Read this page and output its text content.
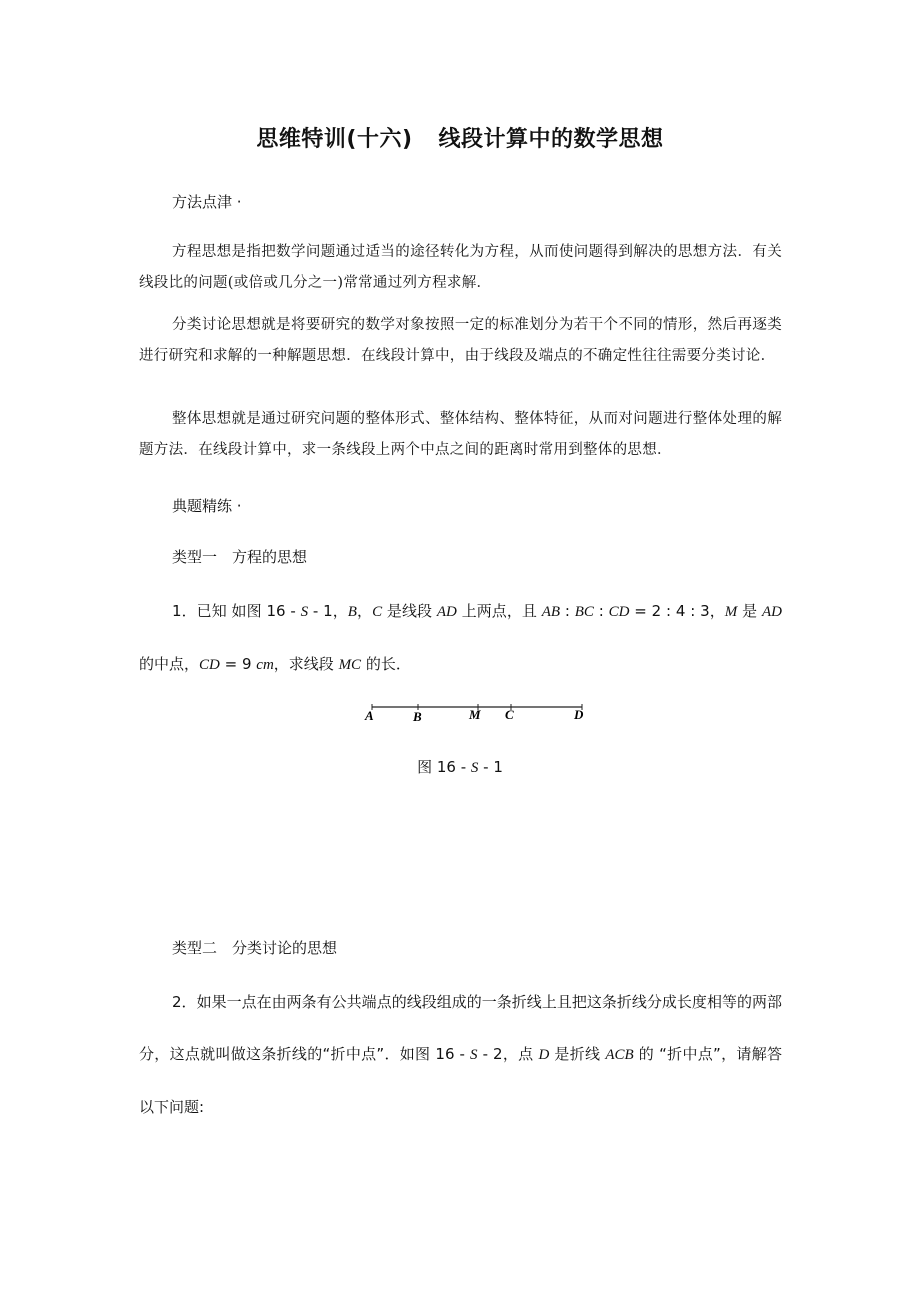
思维特训(十六) 线段计算中的数学思想
方法点津 ·
方程思想是指把数学问题通过适当的途径转化为方程，从而使问题得到解决的思想方法．有关线段比的问题(或倍或几分之一)常常通过列方程求解．
分类讨论思想就是将要研究的数学对象按照一定的标准划分为若干个不同的情形，然后再逐类进行研究和求解的一种解题思想．在线段计算中，由于线段及端点的不确定性往往需要分类讨论．
整体思想就是通过研究问题的整体形式、整体结构、整体特征，从而对问题进行整体处理的解题方法．在线段计算中，求一条线段上两个中点之间的距离时常用到整体的思想．
典题精练 ·
类型一　方程的思想
1．已知 如图 16 - S - 1，B，C 是线段 AD 上两点，且 AB : BC : CD = 2 : 4 : 3，M 是 AD 的中点，CD = 9 cm，求线段 MC 的长．
A	B	M C	D
图 16 - S - 1
类型二　分类讨论的思想
2．如果一点在由两条有公共端点的线段组成的一条折线上且把这条折线分成长度相等的两部分，这点就叫做这条折线的“折中点”．如图 16 - S - 2，点 D 是折线 ACB 的 “折中点”，请解答以下问题:
